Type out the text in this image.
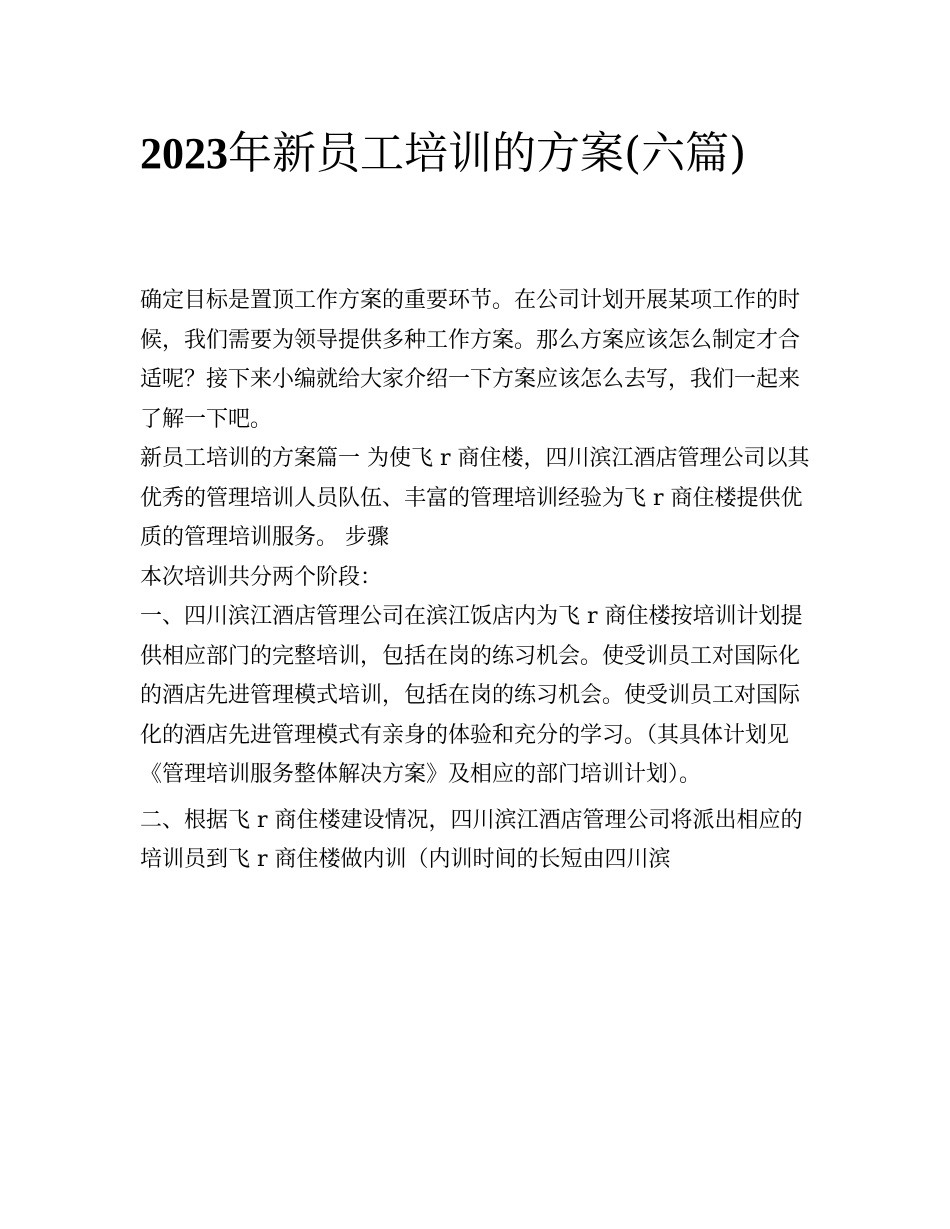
2023年新员工培训的方案(六篇)

确定目标是置顶工作方案的重要环节。在公司计划开展某项工作的时候，我们需要为领导提供多种工作方案。那么方案应该怎么制定才合适呢？接下来小编就给大家介绍一下方案应该怎么去写，我们一起来了解一下吧。

新员工培训的方案篇一 为使飞 r 商住楼，四川滨江酒店管理公司以其优秀的管理培训人员队伍、丰富的管理培训经验为飞 r 商住楼提供优质的管理培训服务。 步骤

本次培训共分两个阶段：

一、四川滨江酒店管理公司在滨江饭店内为飞 r 商住楼按培训计划提供相应部门的完整培训，包括在岗的练习机会。使受训员工对国际化的酒店先进管理模式培训，包括在岗的练习机会。使受训员工对国际化的酒店先进管理模式有亲身的体验和充分的学习。（其具体计划见《管理培训服务整体解决方案》及相应的部门培训计划）。

二、根据飞 r 商住楼建设情况，四川滨江酒店管理公司将派出相应的培训员到飞 r 商住楼做内训（内训时间的长短由四川滨
